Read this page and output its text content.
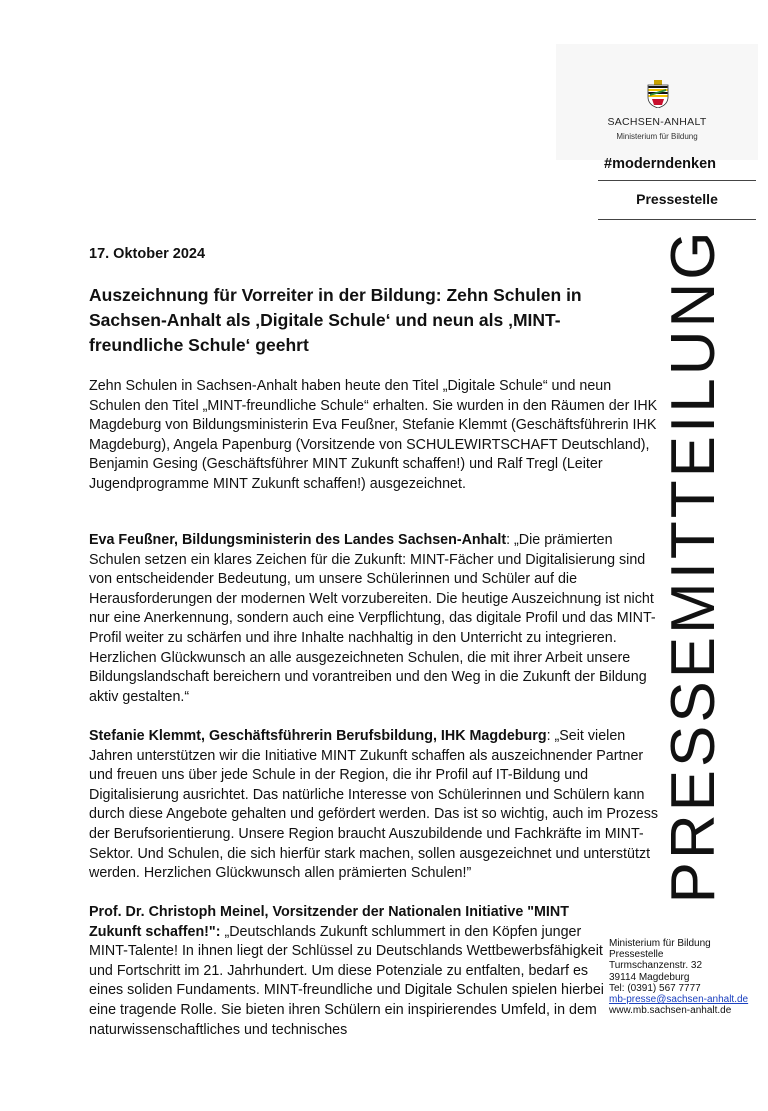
SACHSEN-ANHALT
Ministerium für Bildung
#moderndenken
Pressestelle
PRESSEMITTEILUNG
17. Oktober 2024
Auszeichnung für Vorreiter in der Bildung: Zehn Schulen in Sachsen-Anhalt als ‚Digitale Schule‘ und neun als ‚MINT-freundliche Schule‘ geehrt

Zehn Schulen in Sachsen-Anhalt haben heute den Titel „Digitale Schule“ und neun Schulen den Titel „MINT-freundliche Schule“ erhalten. Sie wurden in den Räumen der IHK Magdeburg von Bildungsministerin Eva Feußner, Stefanie Klemmt (Geschäftsführerin IHK Magdeburg), Angela Papenburg (Vorsitzende von SCHULEWIRTSCHAFT Deutschland), Benjamin Gesing (Geschäftsführer MINT Zukunft schaffen!) und Ralf Tregl (Leiter Jugendprogramme MINT Zukunft schaffen!) ausgezeichnet.

Eva Feußner, Bildungsministerin des Landes Sachsen-Anhalt: „Die prämierten Schulen setzen ein klares Zeichen für die Zukunft: MINT-Fächer und Digitalisierung sind von entscheidender Bedeutung, um unsere Schülerinnen und Schüler auf die Herausforderungen der modernen Welt vorzubereiten. Die heutige Auszeichnung ist nicht nur eine Anerkennung, sondern auch eine Verpflichtung, das digitale Profil und das MINT-Profil weiter zu schärfen und ihre Inhalte nachhaltig in den Unterricht zu integrieren. Herzlichen Glückwunsch an alle ausgezeichneten Schulen, die mit ihrer Arbeit unsere Bildungslandschaft bereichern und vorantreiben und den Weg in die Zukunft der Bildung aktiv gestalten.“

Stefanie Klemmt, Geschäftsführerin Berufsbildung, IHK Magdeburg: „Seit vielen Jahren unterstützen wir die Initiative MINT Zukunft schaffen als auszeichnender Partner und freuen uns über jede Schule in der Region, die ihr Profil auf IT-Bildung und Digitalisierung ausrichtet. Das natürliche Interesse von Schülerinnen und Schülern kann durch diese Angebote gehalten und gefördert werden. Das ist so wichtig, auch im Prozess der Berufsorientierung. Unsere Region braucht Auszubildende und Fachkräfte im MINT-Sektor. Und Schulen, die sich hierfür stark machen, sollen ausgezeichnet und unterstützt werden. Herzlichen Glückwunsch allen prämierten Schulen!”

Prof. Dr. Christoph Meinel, Vorsitzender der Nationalen Initiative "MINT Zukunft schaffen!": „Deutschlands Zukunft schlummert in den Köpfen junger MINT-Talente! In ihnen liegt der Schlüssel zu Deutschlands Wettbewerbsfähigkeit und Fortschritt im 21. Jahrhundert. Um diese Potenziale zu entfalten, bedarf es eines soliden Fundaments. MINT-freundliche und Digitale Schulen spielen hierbei eine tragende Rolle. Sie bieten ihren Schülern ein inspirierendes Umfeld, in dem naturwissenschaftliches und technisches

Ministerium für Bildung
Pressestelle
Turmschanzenstr. 32
39114 Magdeburg
Tel: (0391) 567 7777
mb-presse@sachsen-anhalt.de
www.mb.sachsen-anhalt.de
